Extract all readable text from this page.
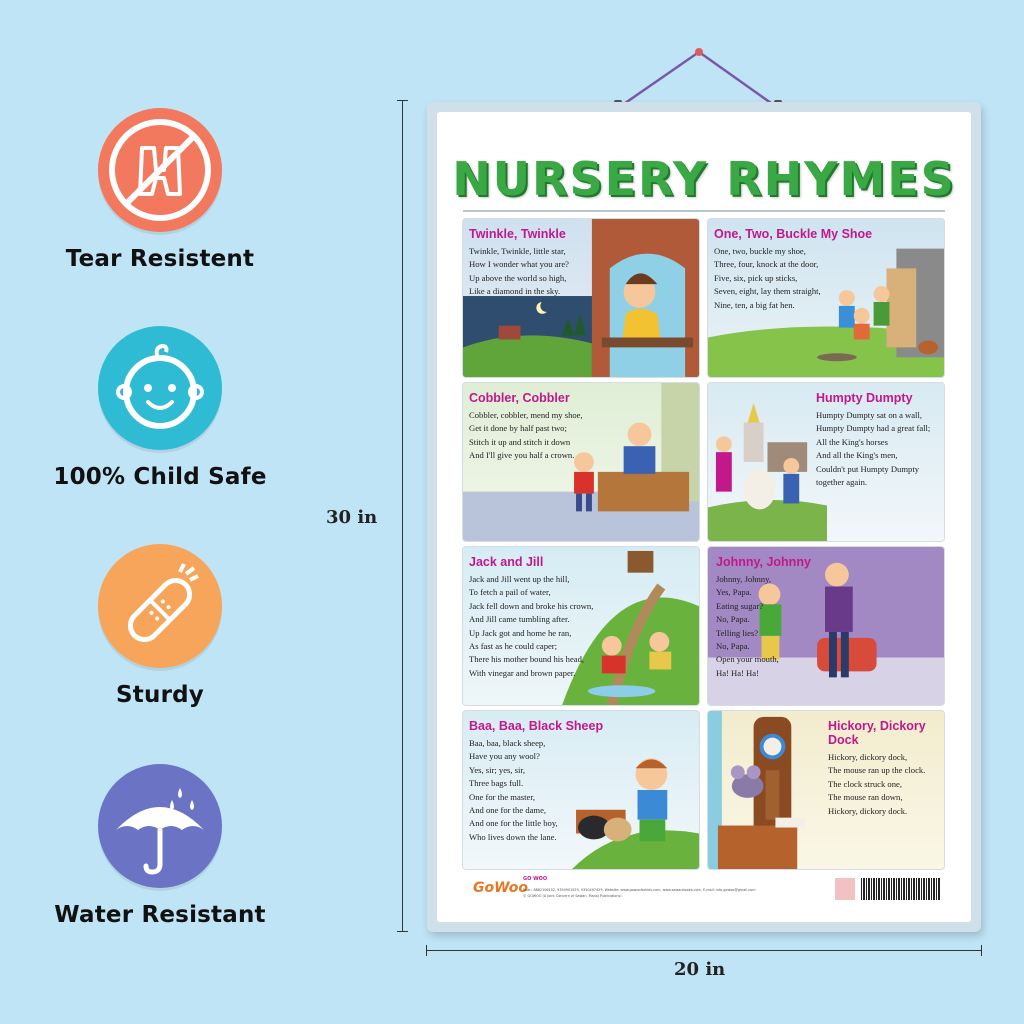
Tear Resistent
100% Child Safe
Sturdy
Water Resistant
30 in
20 in
NURSERY RHYMES
Twinkle, Twinkle
Twinkle, Twinkle, little star,
How I wonder what you are?
Up above the world so high,
Like a diamond in the sky.
One, Two, Buckle My Shoe
One, two, buckle my shoe,
Three, four, knock at the door,
Five, six, pick up sticks,
Seven, eight, lay them straight,
Nine, ten, a big fat hen.
Cobbler, Cobbler
Cobbler, cobbler, mend my shoe,
Get it done by half past two;
Stitch it up and stitch it down
And I'll give you half a crown.
Humpty Dumpty
Humpty Dumpty sat on a wall,
Humpty Dumpty had a great fall;
All the King's horses
And all the King's men,
Couldn't put Humpty Dumpty
together again.
Jack and Jill
Jack and Jill went up the hill,
To fetch a pail of water,
Jack fell down and broke his crown,
And Jill came tumbling after.
Up Jack got and home he ran,
As fast as he could caper;
There his mother bound his head,
With vinegar and brown paper.
Johnny, Johnny
Johnny, Johnny,
Yes, Papa.
Eating sugar?
No, Papa.
Telling lies?
No, Papa.
Open your mouth,
Ha! Ha! Ha!
Baa, Baa, Black Sheep
Baa, baa, black sheep,
Have you any wool?
Yes, sir; yes, sir,
Three bags full.
One for the master,
And one for the dame,
And one for the little boy,
Who lives down the lane.
Hickory, Dickory Dock
Hickory, dickory dock,
The mouse ran up the clock.
The clock struck one,
The mouse ran down,
Hickory, dickory dock.
GoWoo
GO WOO
Mob.: 8882106152, 9350901925, 9350497429, Website: www.gowooforkids.com, www.sawanbooks.com, E-mail: info.gowoo@gmail.com
© GOWOO (A Joint Concern of Sawan, Manoj Publications)
